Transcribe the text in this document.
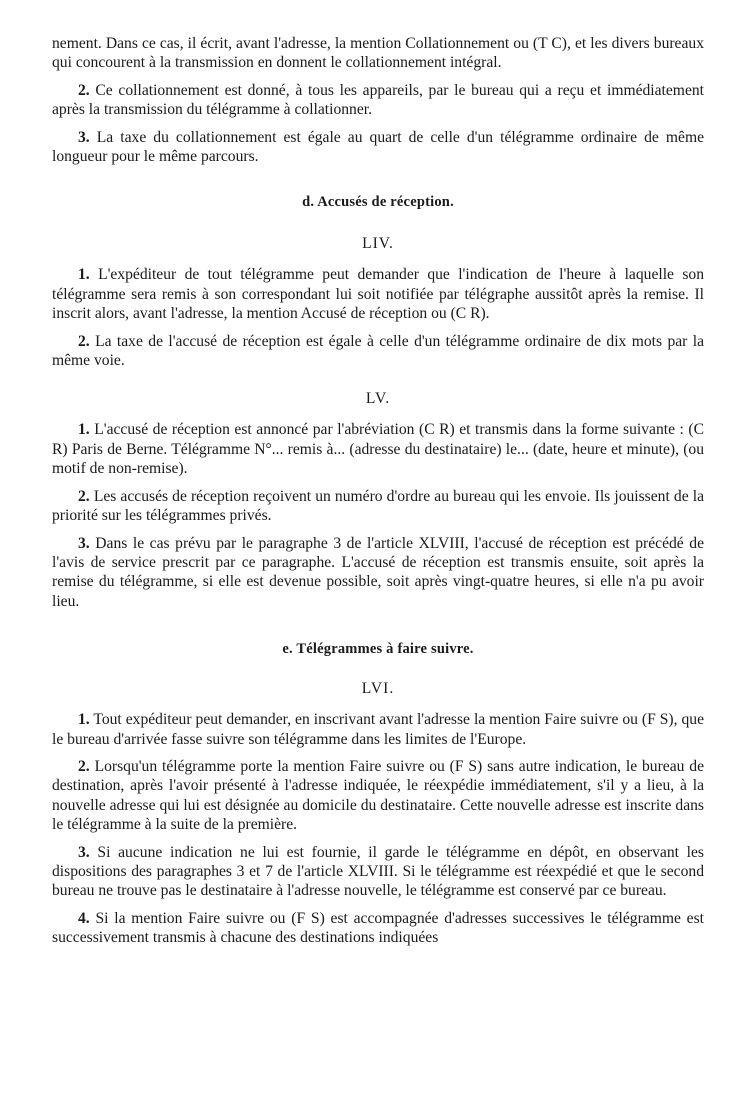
nement. Dans ce cas, il écrit, avant l'adresse, la mention Collationnement ou (T C), et les divers bureaux qui concourent à la transmission en donnent le collationnement intégral.

2. Ce collationnement est donné, à tous les appareils, par le bureau qui a reçu et immédiatement après la transmission du télégramme à collationner.

3. La taxe du collationnement est égale au quart de celle d'un télégramme ordinaire de même longueur pour le même parcours.

d. Accusés de réception.
LIV.

1. L'expéditeur de tout télégramme peut demander que l'indication de l'heure à laquelle son télégramme sera remis à son correspondant lui soit notifiée par télégraphe aussitôt après la remise. Il inscrit alors, avant l'adresse, la mention Accusé de réception ou (C R).

2. La taxe de l'accusé de réception est égale à celle d'un télégramme ordinaire de dix mots par la même voie.

LV.

1. L'accusé de réception est annoncé par l'abréviation (C R) et transmis dans la forme suivante : (C R) Paris de Berne. Télégramme N°... remis à... (adresse du destinataire) le... (date, heure et minute), (ou motif de non-remise).

2. Les accusés de réception reçoivent un numéro d'ordre au bureau qui les envoie. Ils jouissent de la priorité sur les télégrammes privés.

3. Dans le cas prévu par le paragraphe 3 de l'article XLVIII, l'accusé de réception est précédé de l'avis de service prescrit par ce paragraphe. L'accusé de réception est transmis ensuite, soit après la remise du télégramme, si elle est devenue possible, soit après vingt-quatre heures, si elle n'a pu avoir lieu.

e. Télégrammes à faire suivre.
LVI.

1. Tout expéditeur peut demander, en inscrivant avant l'adresse la mention Faire suivre ou (F S), que le bureau d'arrivée fasse suivre son télégramme dans les limites de l'Europe.

2. Lorsqu'un télégramme porte la mention Faire suivre ou (F S) sans autre indication, le bureau de destination, après l'avoir présenté à l'adresse indiquée, le réexpédie immédiatement, s'il y a lieu, à la nouvelle adresse qui lui est désignée au domicile du destinataire. Cette nouvelle adresse est inscrite dans le télégramme à la suite de la première.

3. Si aucune indication ne lui est fournie, il garde le télégramme en dépôt, en observant les dispositions des paragraphes 3 et 7 de l'article XLVIII. Si le télégramme est réexpédié et que le second bureau ne trouve pas le destinataire à l'adresse nouvelle, le télégramme est conservé par ce bureau.

4. Si la mention Faire suivre ou (F S) est accompagnée d'adresses successives le télégramme est successivement transmis à chacune des destinations indiquées
